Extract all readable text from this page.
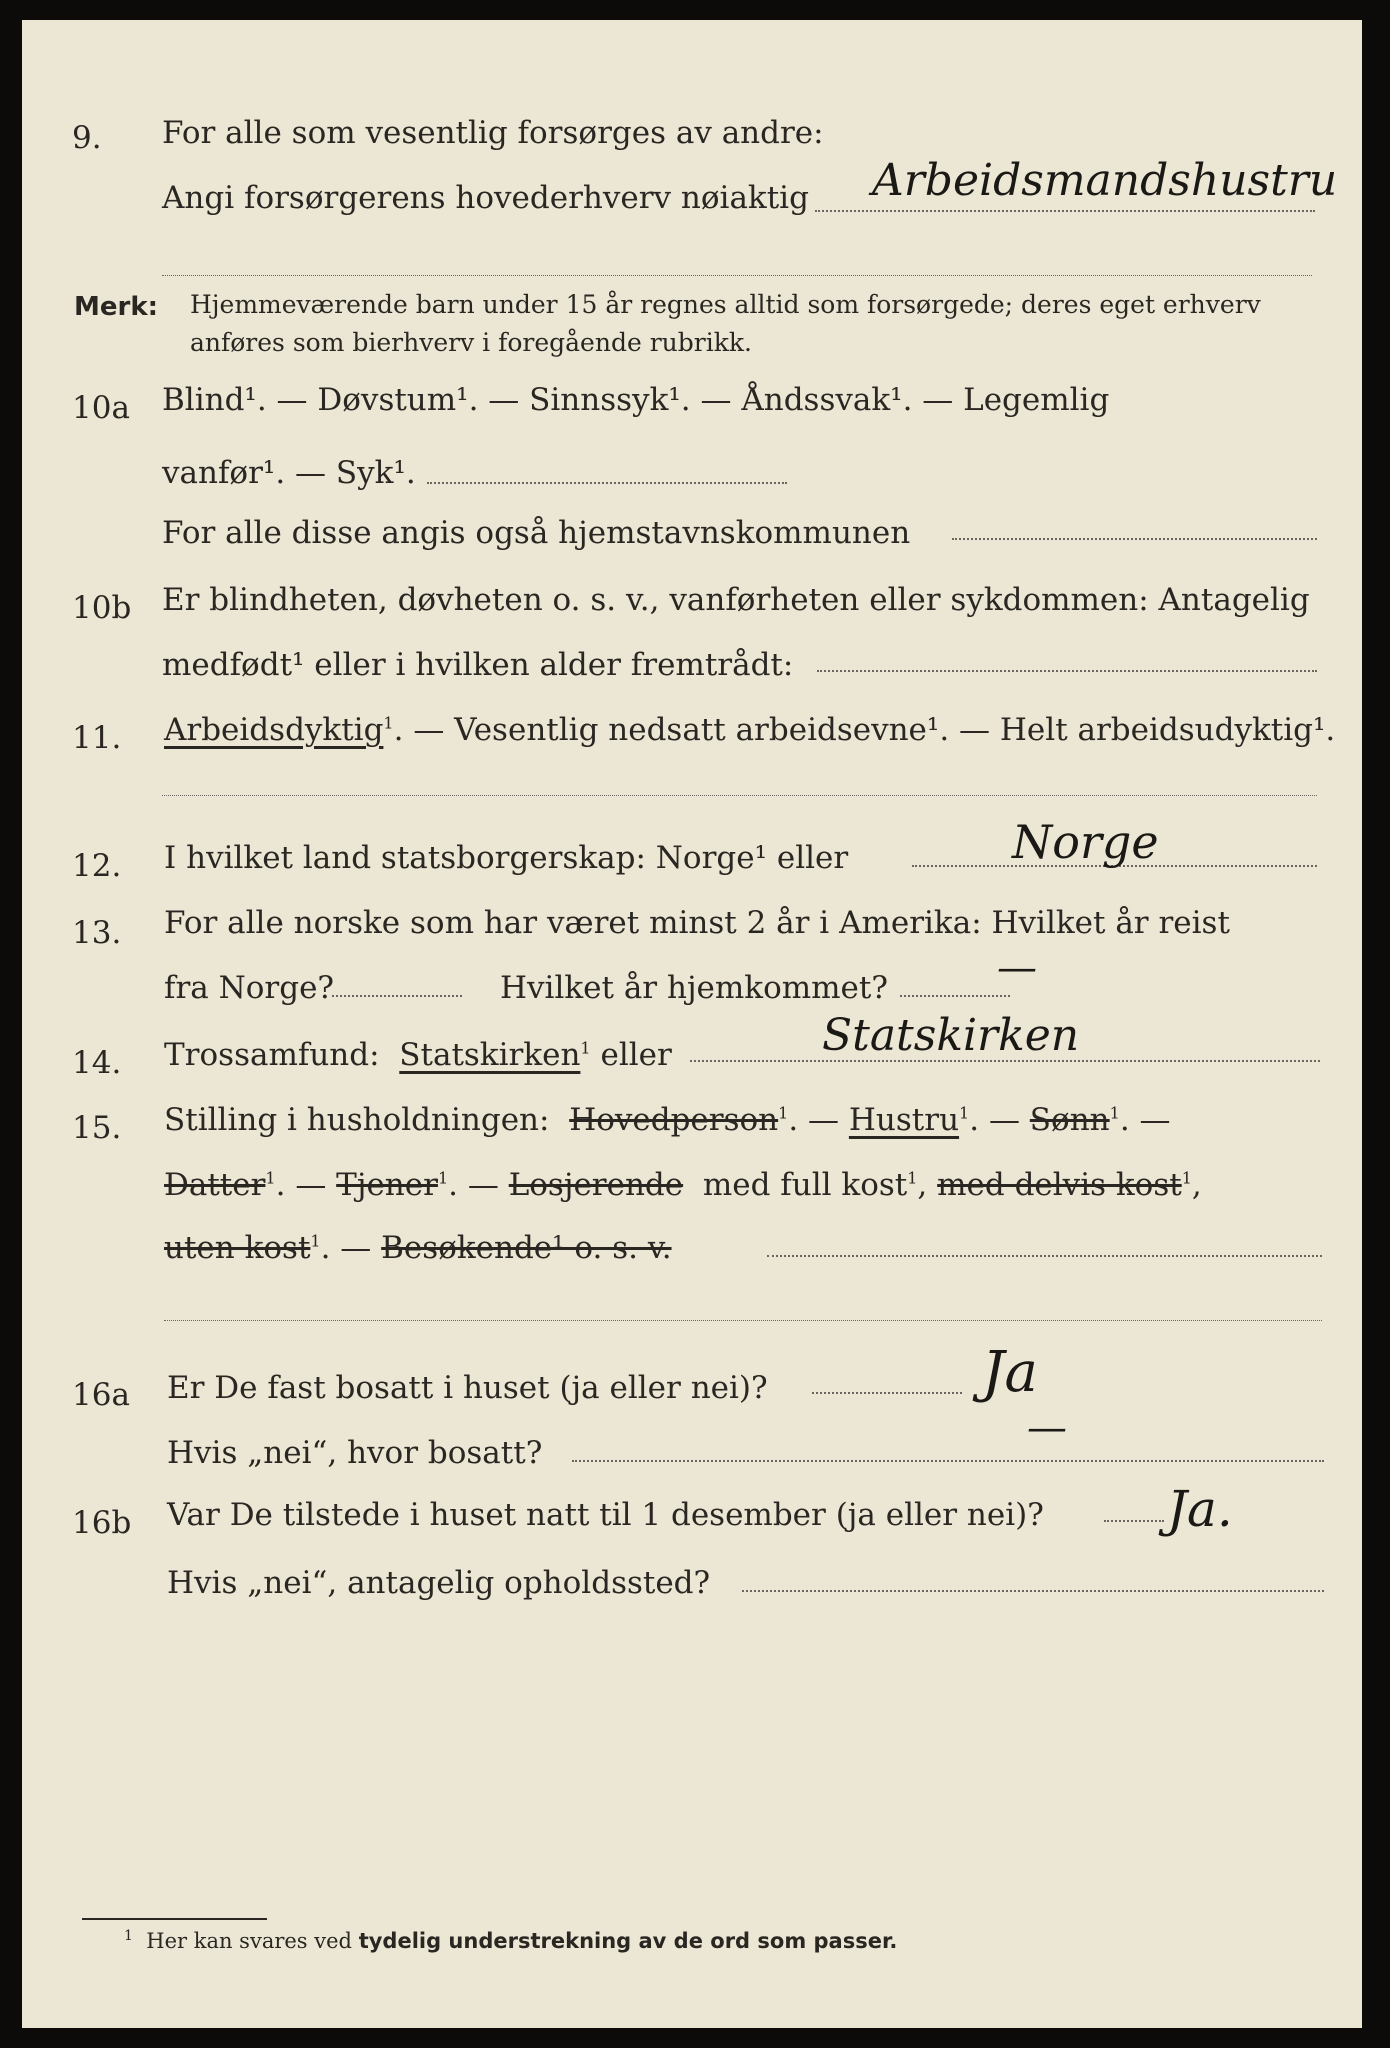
9. For alle som vesentlig forsørges av andre:
Angi forsørgerens hovederhverv nøiaktig Arbeidsmandshustru
Merk: Hjemmeværende barn under 15 år regnes alltid som forsørgede; deres eget erhverv
anføres som bierhverv i foregående rubrikk.
10a Blind¹. — Døvstum¹. — Sinnssyk¹. — Åndssvak¹. — Legemlig
vanfør¹. — Syk¹.
For alle disse angis også hjemstavnskommunen
10b Er blindheten, døvheten o. s. v., vanførheten eller sykdommen: Antagelig
medfødt¹ eller i hvilken alder fremtrådt:
11. Arbeidsdyktig$^1$. — Vesentlig nedsatt arbeidsevne¹. — Helt arbeidsudyktig¹.
12. I hvilket land statsborgerskap: Norge¹ eller	Norge
13. For alle norske som har været minst 2 år i Amerika: Hvilket år reist
fra Norge?	Hvilket år hjemkommet?	—
14. Trossamfund: Statskirken$^1$ eller	Statskirken
15. Stilling i husholdningen: Hovedperson$^1$. — Hustru$^1$. — Sønn$^1$. —
Datter$^1$. — Tjener$^1$. — Losjerende med full kost$^1$, med delvis kost$^1$,
uten kost$^1$. — Besøkende¹ o. s. v.
16a Er De fast bosatt i huset (ja eller nei)?	Ja
Hvis „nei“, hvor bosatt?
—
16b Var De tilstede i huset natt til 1 desember (ja eller nei)? Ja.
Hvis „nei“, antagelig opholdssted?
$^1$ Her kan svares ved tydelig understrekning av de ord som passer.
